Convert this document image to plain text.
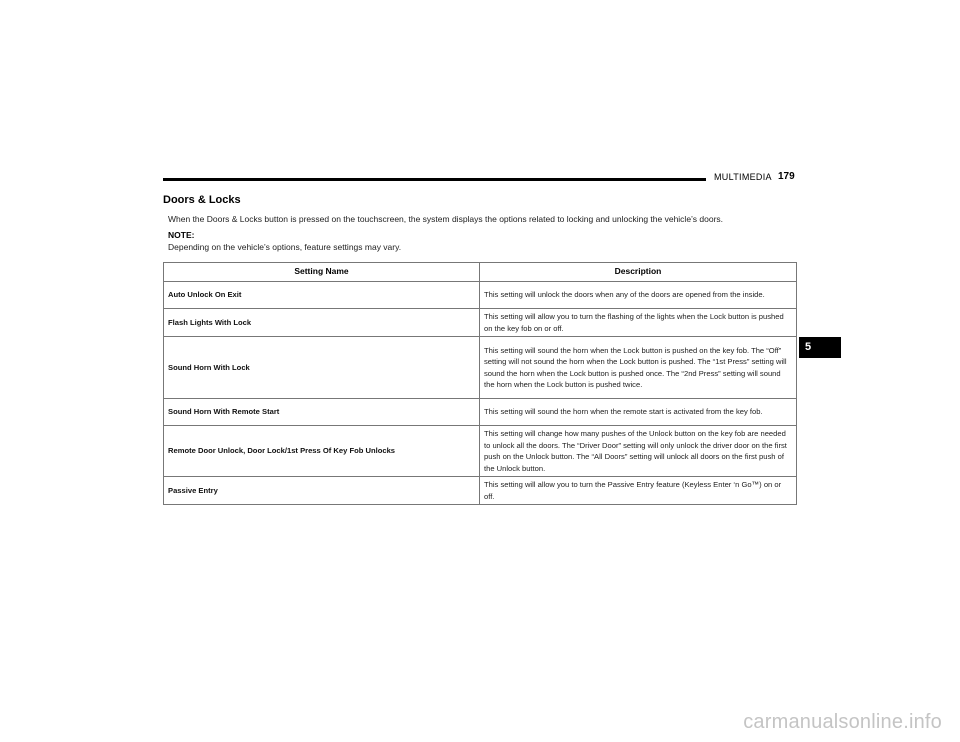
MULTIMEDIA 179
Doors & Locks
When the Doors & Locks button is pressed on the touchscreen, the system displays the options related to locking and unlocking the vehicle’s doors.
NOTE:
Depending on the vehicle’s options, feature settings may vary.
Setting Name	Description
Auto Unlock On Exit	This setting will unlock the doors when any of the doors are opened from the inside.
Flash Lights With Lock	This setting will allow you to turn the flashing of the lights when the Lock button is pushed on the key fob on or off.
Sound Horn With Lock	This setting will sound the horn when the Lock button is pushed on the key fob. The “Off” setting will not sound the horn when the Lock button is pushed. The “1st Press” setting will sound the horn when the Lock button is pushed once. The “2nd Press” setting will sound the horn when the Lock button is pushed twice.
Sound Horn With Remote Start	This setting will sound the horn when the remote start is activated from the key fob.
Remote Door Unlock, Door Lock/1st Press Of Key Fob Unlocks	This setting will change how many pushes of the Unlock button on the key fob are needed to unlock all the doors. The “Driver Door” setting will only unlock the driver door on the first push on the Unlock button. The “All Doors” setting will unlock all doors on the first push of the Unlock button.
Passive Entry	This setting will allow you to turn the Passive Entry feature (Keyless Enter ‘n Go™) on or off.
5
carmanualsonline.info
